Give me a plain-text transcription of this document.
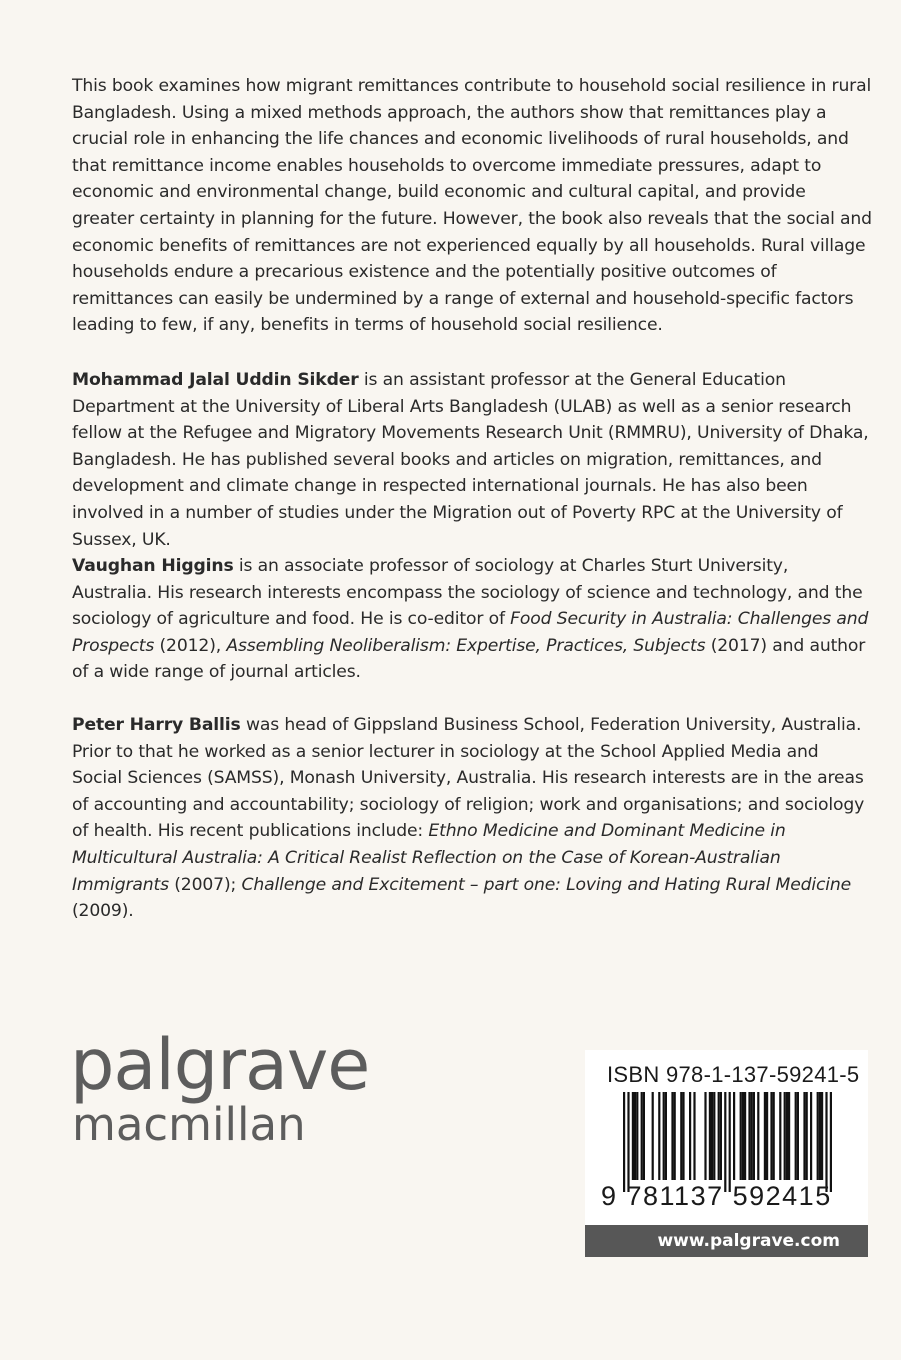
This book examines how migrant remittances contribute to household social resilience in rural Bangladesh. Using a mixed methods approach, the authors show that remittances play a crucial role in enhancing the life chances and economic livelihoods of rural households, and that remittance income enables households to overcome immediate pressures, adapt to economic and environmental change, build economic and cultural capital, and provide greater certainty in planning for the future. However, the book also reveals that the social and economic benefits of remittances are not experienced equally by all households. Rural village households endure a precarious existence and the potentially positive outcomes of remittances can easily be undermined by a range of external and household-specific factors leading to few, if any, benefits in terms of household social resilience.

Mohammad Jalal Uddin Sikder is an assistant professor at the General Education Department at the University of Liberal Arts Bangladesh (ULAB) as well as a senior research fellow at the Refugee and Migratory Movements Research Unit (RMMRU), University of Dhaka, Bangladesh. He has published several books and articles on migration, remittances, and development and climate change in respected international journals. He has also been involved in a number of studies under the Migration out of Poverty RPC at the University of Sussex, UK.

Vaughan Higgins is an associate professor of sociology at Charles Sturt University, Australia. His research interests encompass the sociology of science and technology, and the sociology of agriculture and food. He is co-editor of Food Security in Australia: Challenges and Prospects (2012), Assembling Neoliberalism: Expertise, Practices, Subjects (2017) and author of a wide range of journal articles.

Peter Harry Ballis was head of Gippsland Business School, Federation University, Australia. Prior to that he worked as a senior lecturer in sociology at the School Applied Media and Social Sciences (SAMSS), Monash University, Australia. His research interests are in the areas of accounting and accountability; sociology of religion; work and organisations; and sociology of health. His recent publications include: Ethno Medicine and Dominant Medicine in Multicultural Australia: A Critical Realist Reflection on the Case of Korean-Australian Immigrants (2007); Challenge and Excitement – part one: Loving and Hating Rural Medicine (2009).

palgrave
macmillan
ISBN 978-1-137-59241-5
9 781137 592415
www.palgrave.com
